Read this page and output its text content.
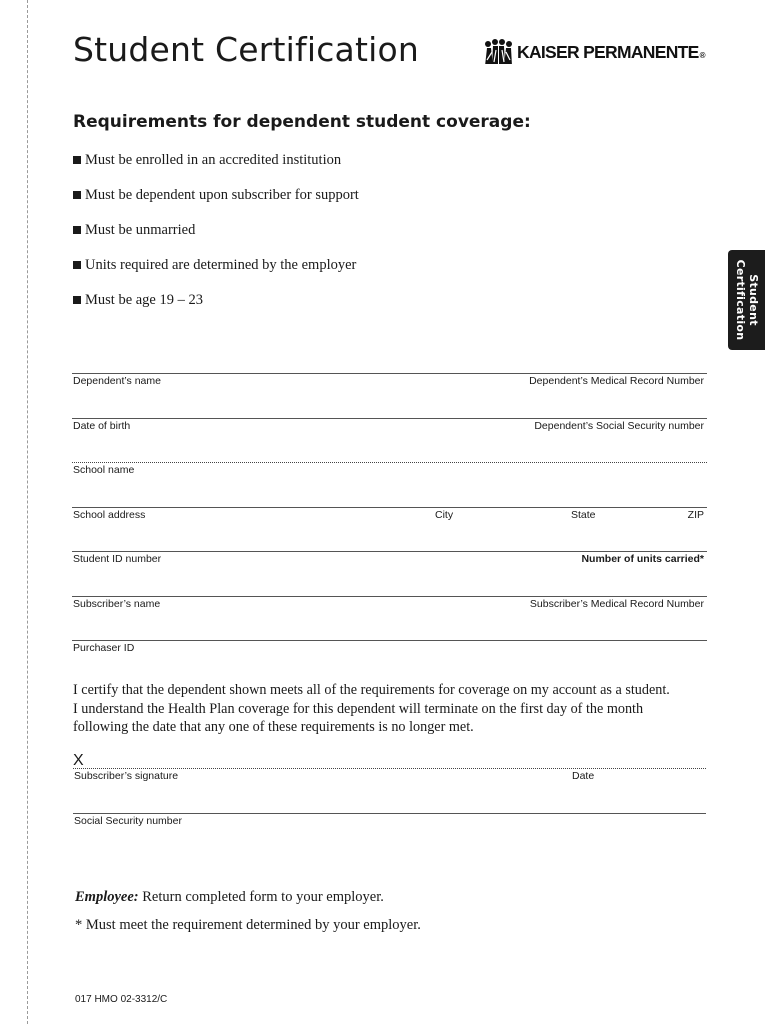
Student Certification	KAISER PERMANENTE®
Requirements for dependent student coverage:
Must be enrolled in an accredited institution
Must be dependent upon subscriber for support
Must be unmarried
Units required are determined by the employer
Must be age 19 – 23	Student
Certification
Dependent’s name	Dependent’s Medical Record Number
Date of birth	Dependent’s Social Security number
School name
School address	City	State	ZIP
Student ID number	Number of units carried*
Subscriber’s name	Subscriber’s Medical Record Number
Purchaser ID

I certify that the dependent shown meets all of the requirements for coverage on my account as a student.
I understand the Health Plan coverage for this dependent will terminate on the first day of the month
following the date that any one of these requirements is no longer met.

X
Subscriber’s signature	Date
Social Security number

Employee: Return completed form to your employer.

* Must meet the requirement determined by your employer.

017 HMO 02-3312/C
